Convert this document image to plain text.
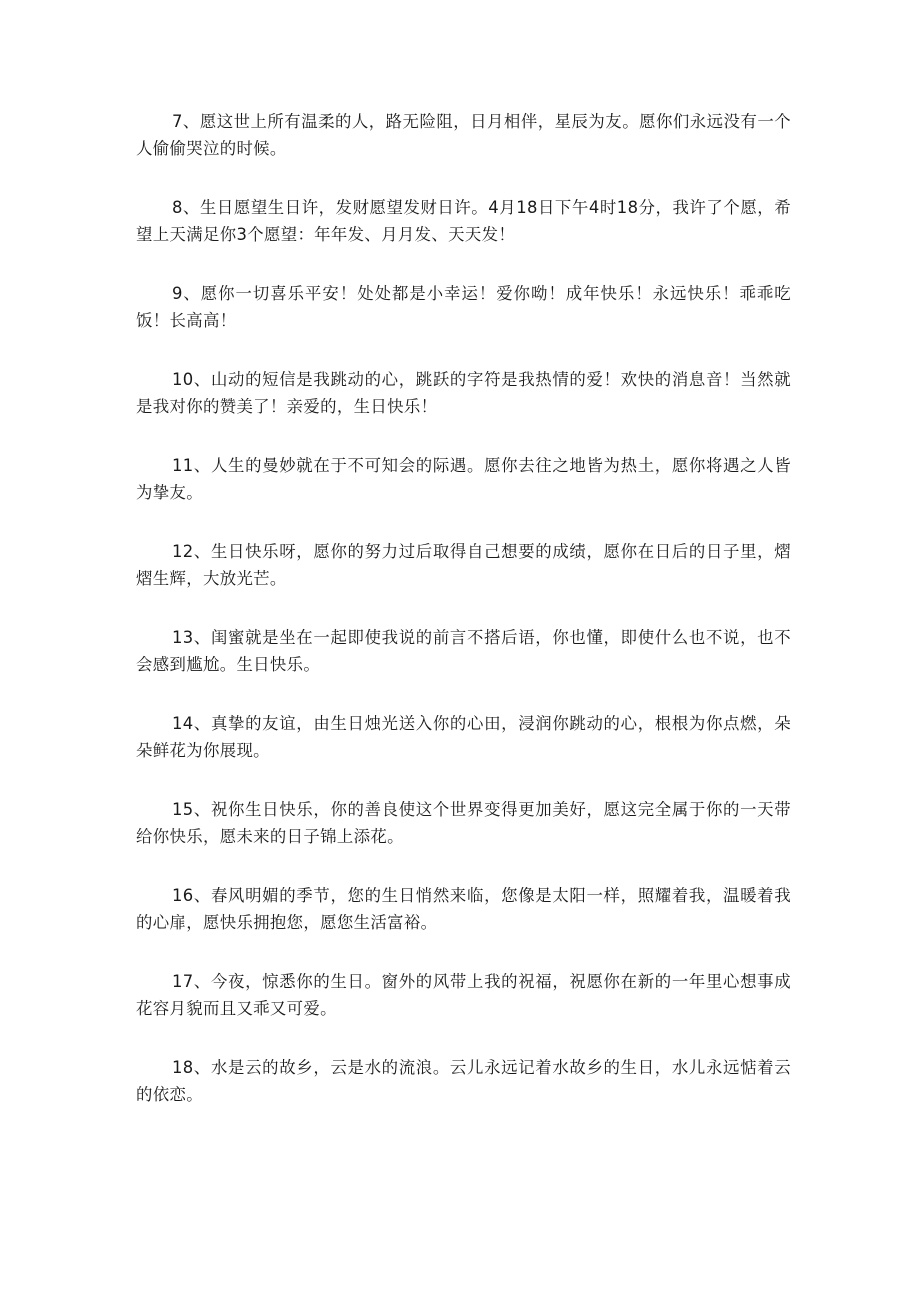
7、愿这世上所有温柔的人，路无险阻，日月相伴，星辰为友。愿你们永远没有一个人偷偷哭泣的时候。

8、生日愿望生日许，发财愿望发财日许。4月18日下午4时18分，我许了个愿，希望上天满足你3个愿望：年年发、月月发、天天发！

9、愿你一切喜乐平安！处处都是小幸运！爱你呦！成年快乐！永远快乐！乖乖吃饭！长高高！

10、山动的短信是我跳动的心，跳跃的字符是我热情的爱！欢快的消息音！当然就是我对你的赞美了！亲爱的，生日快乐！

11、人生的曼妙就在于不可知会的际遇。愿你去往之地皆为热土，愿你将遇之人皆为挚友。

12、生日快乐呀，愿你的努力过后取得自己想要的成绩，愿你在日后的日子里，熠熠生辉，大放光芒。

13、闺蜜就是坐在一起即使我说的前言不搭后语，你也懂，即使什么也不说，也不会感到尴尬。生日快乐。

14、真挚的友谊，由生日烛光送入你的心田，浸润你跳动的心，根根为你点燃，朵朵鲜花为你展现。

15、祝你生日快乐，你的善良使这个世界变得更加美好，愿这完全属于你的一天带给你快乐，愿未来的日子锦上添花。

16、春风明媚的季节，您的生日悄然来临，您像是太阳一样，照耀着我，温暖着我的心扉，愿快乐拥抱您，愿您生活富裕。

17、今夜，惊悉你的生日。窗外的风带上我的祝福，祝愿你在新的一年里心想事成花容月貌而且又乖又可爱。

18、水是云的故乡，云是水的流浪。云儿永远记着水故乡的生日，水儿永远惦着云的依恋。
